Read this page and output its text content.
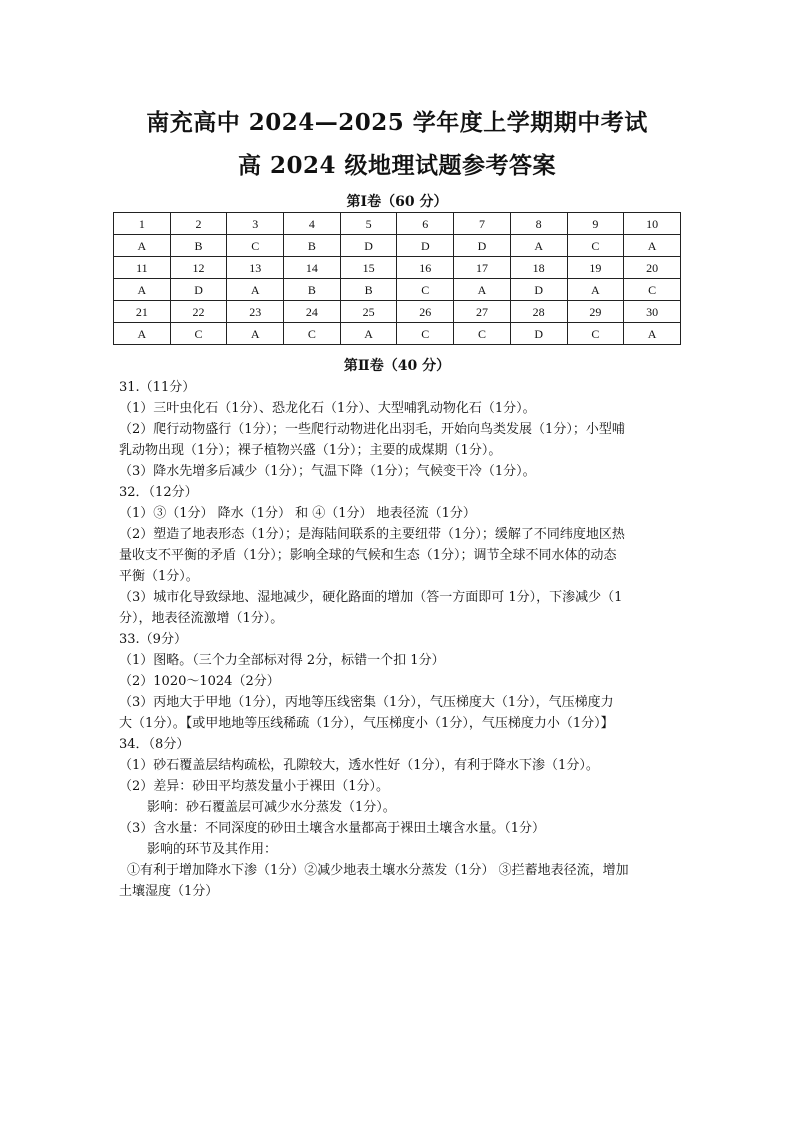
南充高中 2024—2025 学年度上学期期中考试
高 2024 级地理试题参考答案
第Ⅰ卷（60 分）
1	2	3	4	5	6	7	8	9	10
A	B	C	B	D	D	D	A	C	A
11	12	13	14	15	16	17	18	19	20
A	D	A	B	B	C	A	D	A	C
21	22	23	24	25	26	27	28	29	30
A	C	A	C	A	C	C	D	C	A
第Ⅱ卷（40 分）
31.（11分）
（1）三叶虫化石（1分）、恐龙化石（1分）、大型哺乳动物化石（1分）。
（2）爬行动物盛行（1分）；一些爬行动物进化出羽毛，开始向鸟类发展（1分）；小型哺
乳动物出现（1分）；裸子植物兴盛（1分）；主要的成煤期（1分）。
（3）降水先增多后减少（1分）；气温下降（1分）；气候变干冷（1分）。
32．（12分）
（1）③（1分） 降水（1分） 和 ④（1分） 地表径流（1分）
（2）塑造了地表形态（1分）；是海陆间联系的主要纽带（1分）；缓解了不同纬度地区热
量收支不平衡的矛盾（1分）；影响全球的气候和生态（1分）；调节全球不同水体的动态
平衡（1分）。
（3）城市化导致绿地、湿地减少，硬化路面的增加（答一方面即可 1分），下渗减少（1
分），地表径流激增（1分）。
33.（9分）
（1）图略。（三个力全部标对得 2分，标错一个扣 1分）
（2）1020～1024（2分）
（3）丙地大于甲地（1分），丙地等压线密集（1分），气压梯度大（1分），气压梯度力
大（1分）。【或甲地地等压线稀疏（1分），气压梯度小（1分），气压梯度力小（1分）】
34．（8分）
（1）砂石覆盖层结构疏松，孔隙较大，透水性好（1分），有利于降水下渗（1分）。
（2）差异：砂田平均蒸发量小于裸田（1分）。
影响：砂石覆盖层可减少水分蒸发（1分）。
（3）含水量：不同深度的砂田土壤含水量都高于裸田土壤含水量。（1分）
影响的环节及其作用：
①有利于增加降水下渗（1分）②减少地表土壤水分蒸发（1分） ③拦蓄地表径流，增加
土壤湿度（1分）
